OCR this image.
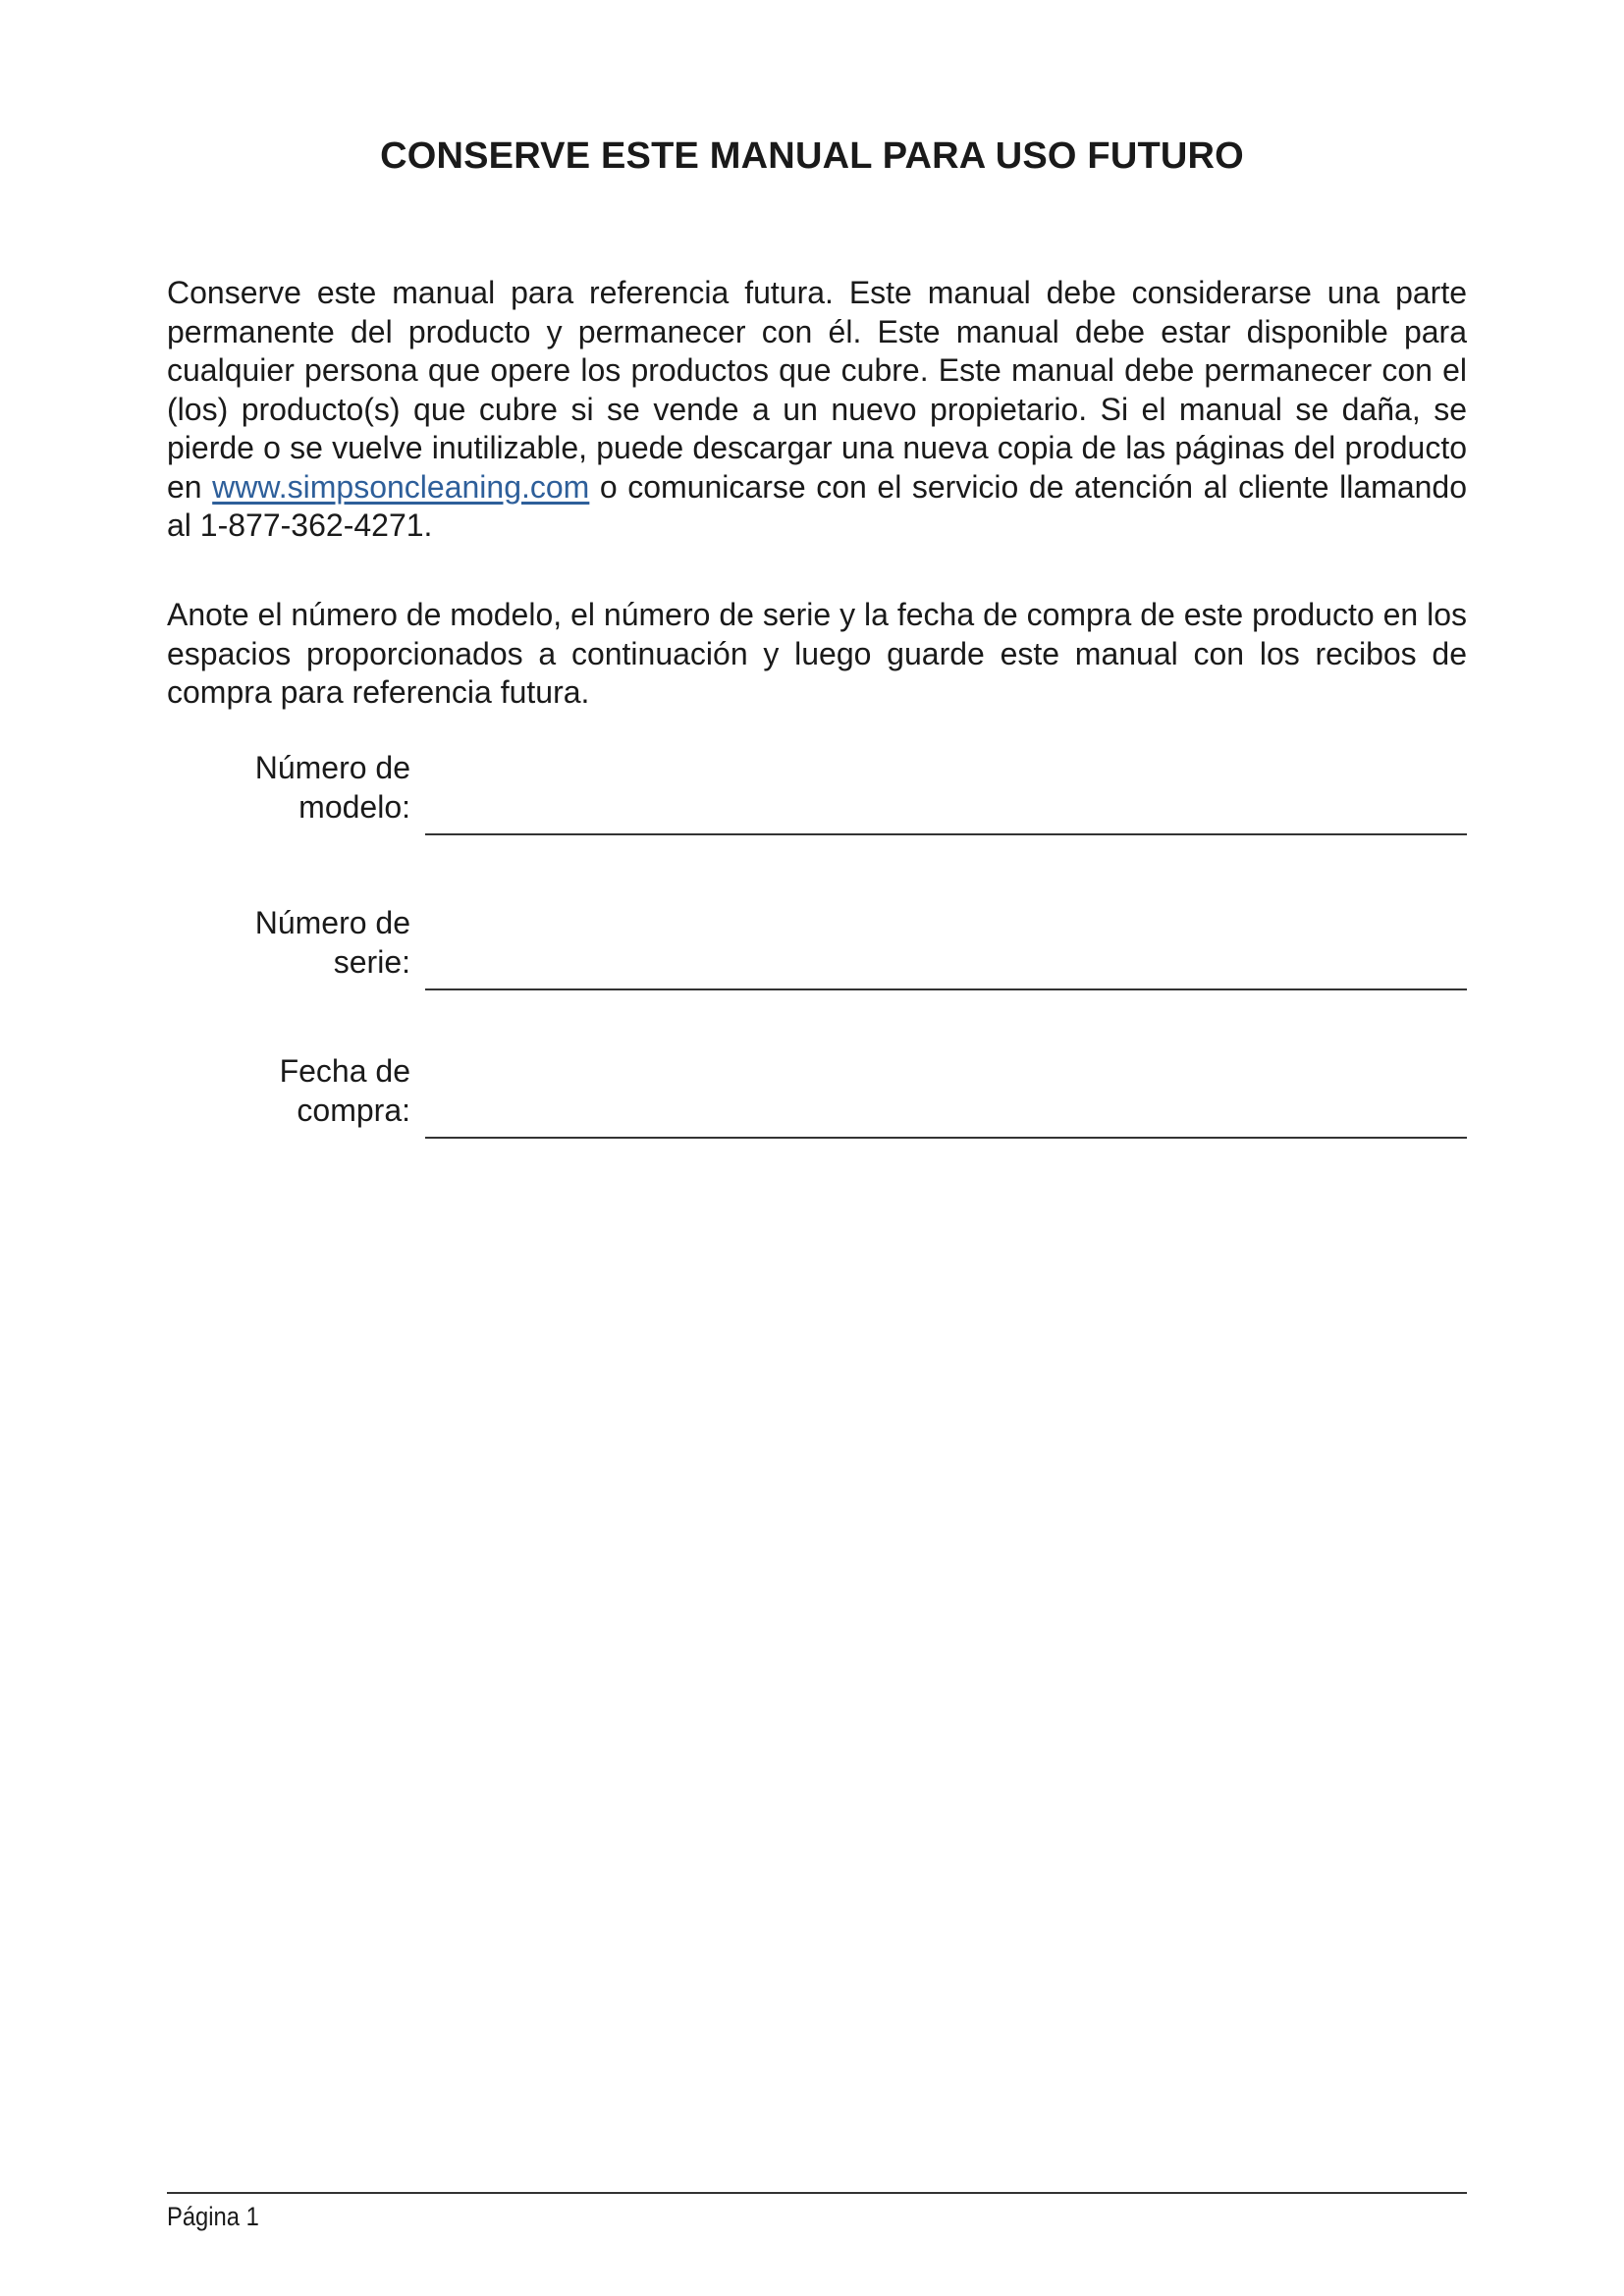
CONSERVE ESTE MANUAL PARA USO FUTURO

Conserve este manual para referencia futura. Este manual debe considerarse una parte permanente del producto y permanecer con él. Este manual debe estar disponible para cualquier persona que opere los productos que cubre. Este manual debe permanecer con el (los) producto(s) que cubre si se vende a un nuevo propietario. Si el manual se daña, se pierde o se vuelve inutilizable, puede descargar una nueva copia de las páginas del producto en www.simpsoncleaning.com o comunicarse con el servicio de atención al cliente llamando al 1-877-362-4271.

Anote el número de modelo, el número de serie y la fecha de compra de este producto en los espacios proporcionados a continuación y luego guarde este manual con los recibos de compra para referencia futura.

Número de
modelo:
Número de
serie:
Fecha de
compra:
Página 1
